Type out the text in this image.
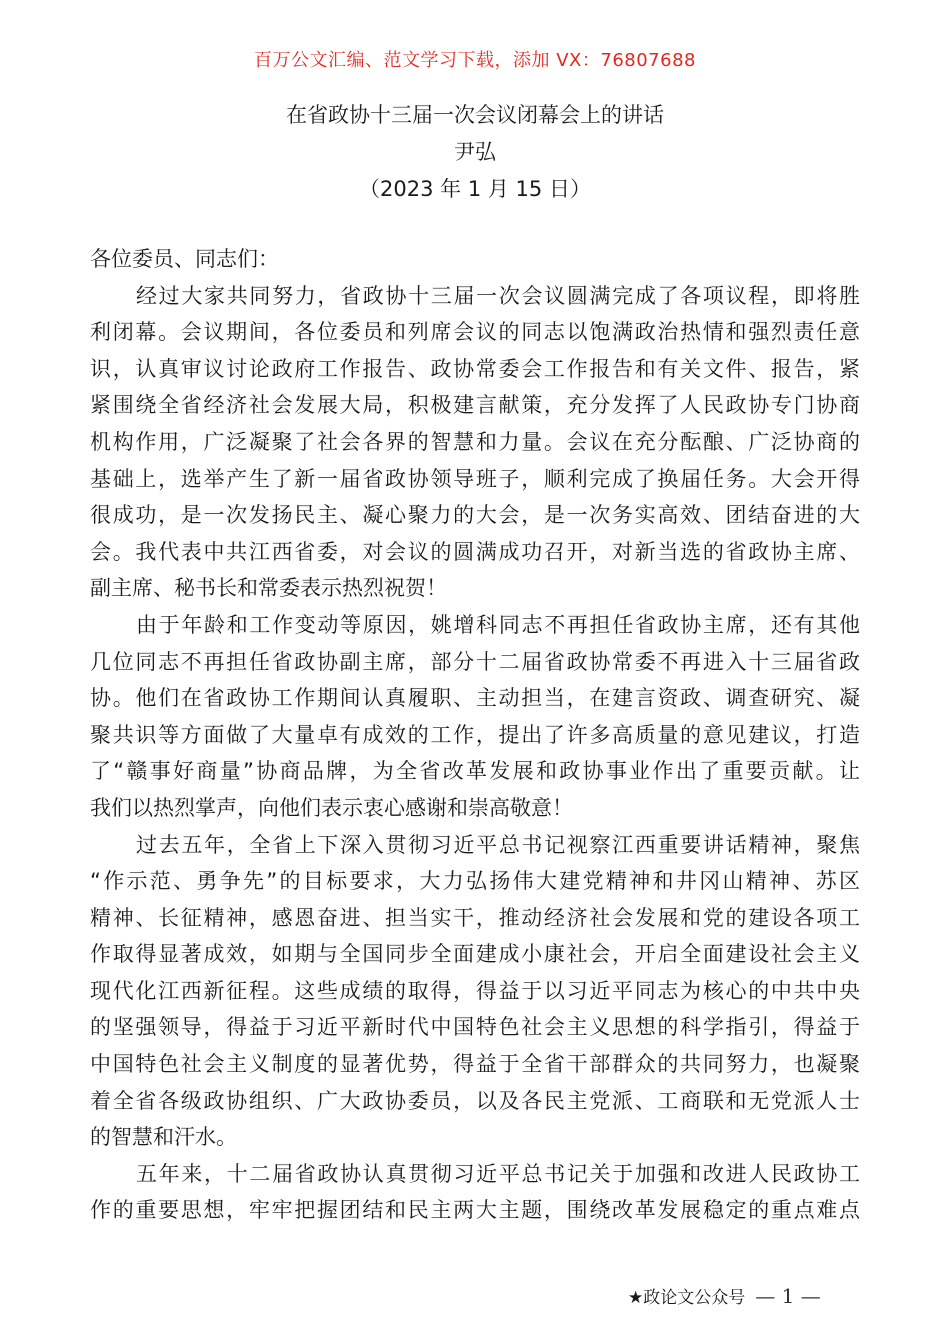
百万公文汇编、范文学习下载，添加 VX：76807688
在省政协十三届一次会议闭幕会上的讲话
尹弘
（2023 年 1 月 15 日）
各位委员、同志们：
经过大家共同努力，省政协十三届一次会议圆满完成了各项议程，即将胜
利闭幕。会议期间，各位委员和列席会议的同志以饱满政治热情和强烈责任意
识，认真审议讨论政府工作报告、政协常委会工作报告和有关文件、报告，紧
紧围绕全省经济社会发展大局，积极建言献策，充分发挥了人民政协专门协商
机构作用，广泛凝聚了社会各界的智慧和力量。会议在充分酝酿、广泛协商的
基础上，选举产生了新一届省政协领导班子，顺利完成了换届任务。大会开得
很成功，是一次发扬民主、凝心聚力的大会，是一次务实高效、团结奋进的大
会。我代表中共江西省委，对会议的圆满成功召开，对新当选的省政协主席、
副主席、秘书长和常委表示热烈祝贺！
由于年龄和工作变动等原因，姚增科同志不再担任省政协主席，还有其他
几位同志不再担任省政协副主席，部分十二届省政协常委不再进入十三届省政
协。他们在省政协工作期间认真履职、主动担当，在建言资政、调查研究、凝
聚共识等方面做了大量卓有成效的工作，提出了许多高质量的意见建议，打造
了“赣事好商量”协商品牌，为全省改革发展和政协事业作出了重要贡献。让
我们以热烈掌声，向他们表示衷心感谢和崇高敬意！
过去五年，全省上下深入贯彻习近平总书记视察江西重要讲话精神，聚焦
“作示范、勇争先”的目标要求，大力弘扬伟大建党精神和井冈山精神、苏区
精神、长征精神，感恩奋进、担当实干，推动经济社会发展和党的建设各项工
作取得显著成效，如期与全国同步全面建成小康社会，开启全面建设社会主义
现代化江西新征程。这些成绩的取得，得益于以习近平同志为核心的中共中央
的坚强领导，得益于习近平新时代中国特色社会主义思想的科学指引，得益于
中国特色社会主义制度的显著优势，得益于全省干部群众的共同努力，也凝聚
着全省各级政协组织、广大政协委员，以及各民主党派、工商联和无党派人士
的智慧和汗水。
五年来，十二届省政协认真贯彻习近平总书记关于加强和改进人民政协工
作的重要思想，牢牢把握团结和民主两大主题，围绕改革发展稳定的重点难点
★政论文公众号 — 1 —
